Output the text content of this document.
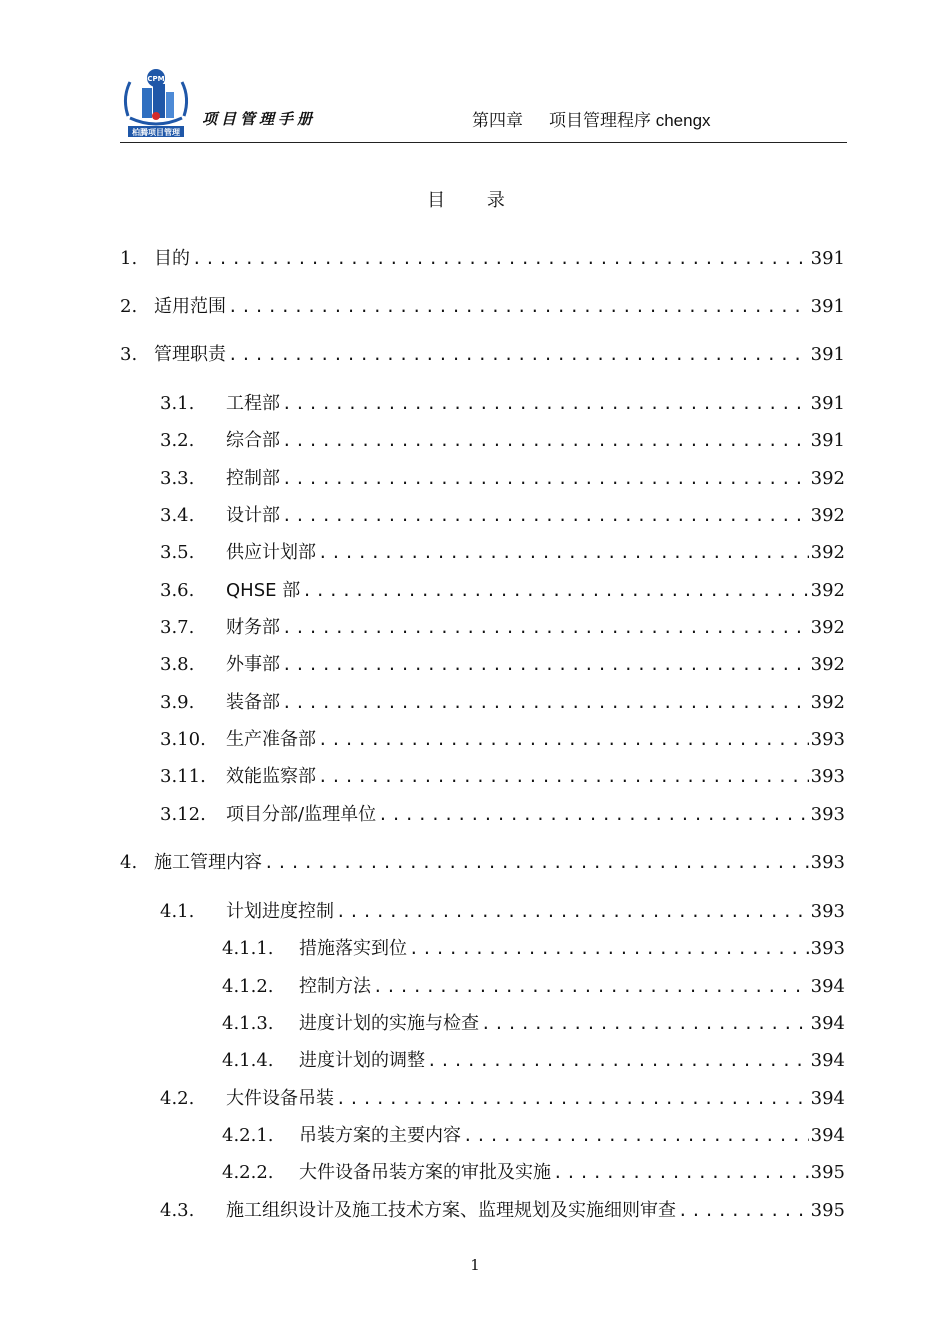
CPM
柏腾项目管理
项目管理手册	第四章 项目管理程序 chengx
目 录
1. 目的 .....	391
2. 适用范围 .....	391
3. 管理职责 .....	391
3.1.	工程部 .....	391
3.2.	综合部 .....	391
3.3.	控制部 .....	392
3.4.	设计部 .....	392
3.5.	供应计划部 .....	392
3.6.	QHSE 部 .....	392
3.7.	财务部 .....	392
3.8.	外事部 .....	392
3.9.	装备部 .....	392
3.10.	生产准备部 .....	393
3.11.	效能监察部 .....	393
3.12.	项目分部/监理单位 .....	393
4. 施工管理内容 .....	393
4.1.	计划进度控制 .....	393
4.1.1.	措施落实到位 .....	393
4.1.2.	控制方法 .....	394
4.1.3.	进度计划的实施与检查 .....	394
4.1.4.	进度计划的调整 .....	394
4.2.	大件设备吊装 .....	394
4.2.1.	吊装方案的主要内容 .....	394
4.2.2.	大件设备吊装方案的审批及实施 .....	395
4.3.	施工组织设计及施工技术方案、监理规划及实施细则审查 .....	395
1
